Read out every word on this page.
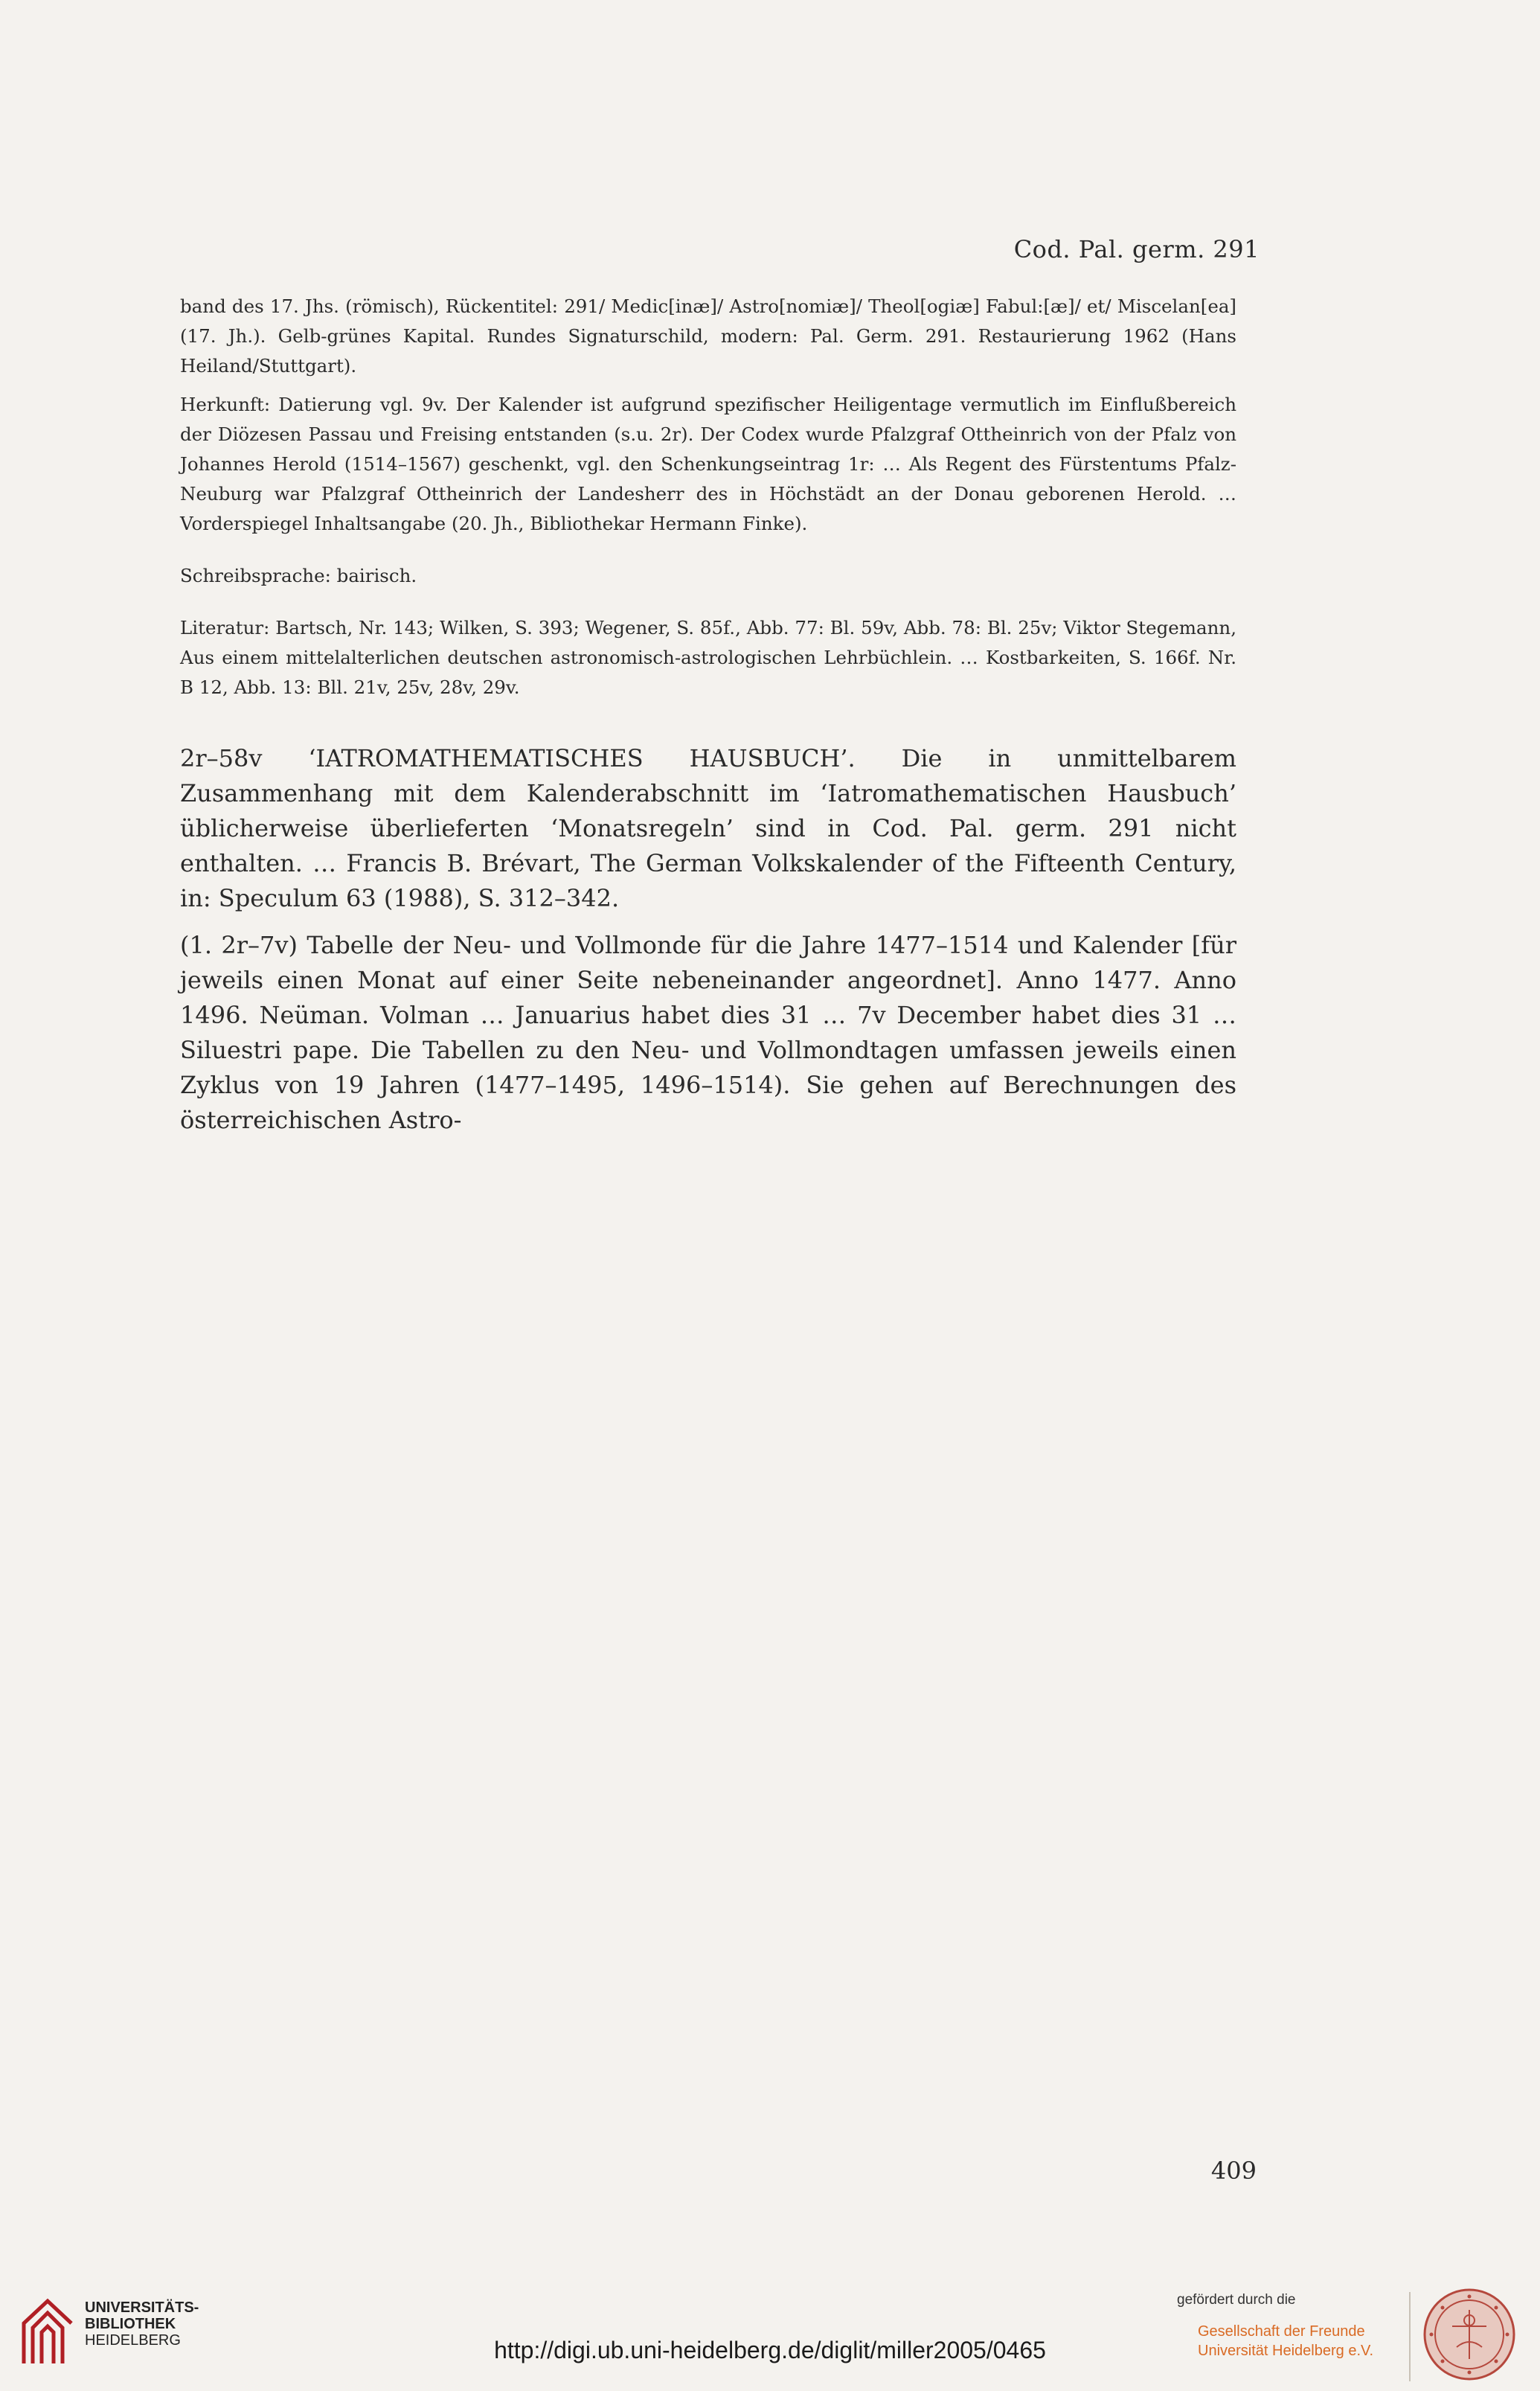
Cod. Pal. germ. 291

band des 17. Jhs. (römisch), Rückentitel: 291/ Medic[inæ]/ Astro[nomiæ]/ Theol[ogiæ] Fabul:[æ]/ et/ Miscelan[ea] (17. Jh.). Gelb-grünes Kapital. Rundes Signaturschild, modern: Pal. Germ. 291. Restaurierung 1962 (Hans Heiland/Stuttgart).

Herkunft: Datierung vgl. 9v. Der Kalender ist aufgrund spezifischer Heiligentage vermutlich im Einflußbereich der Diözesen Passau und Freising entstanden (s.u. 2r). Der Codex wurde Pfalzgraf Ottheinrich von der Pfalz von Johannes Herold (1514–1567) geschenkt, vgl. den Schenkungseintrag 1r: … Als Regent des Fürstentums Pfalz-Neuburg war Pfalzgraf Ottheinrich der Landesherr des in Höchstädt an der Donau geborenen Herold. … Vorderspiegel Inhaltsangabe (20. Jh., Bibliothekar Hermann Finke).

Schreibsprache: bairisch.

Literatur: Bartsch, Nr. 143; Wilken, S. 393; Wegener, S. 85f., Abb. 77: Bl. 59v, Abb. 78: Bl. 25v; Viktor Stegemann, Aus einem mittelalterlichen deutschen astronomisch-astrologischen Lehrbüchlein. … Kostbarkeiten, S. 166f. Nr. B 12, Abb. 13: Bll. 21v, 25v, 28v, 29v.

2r–58v ‘IATROMATHEMATISCHES HAUSBUCH’. Die in unmittelbarem Zusammenhang mit dem Kalenderabschnitt im ‘Iatromathematischen Hausbuch’ üblicherweise überlieferten ‘Monatsregeln’ sind in Cod. Pal. germ. 291 nicht enthalten. … Francis B. Brévart, The German Volkskalender of the Fifteenth Century, in: Speculum 63 (1988), S. 312–342.

(1. 2r–7v) Tabelle der Neu- und Vollmonde für die Jahre 1477–1514 und Kalender [für jeweils einen Monat auf einer Seite nebeneinander angeordnet]. Anno 1477. Anno 1496. Neüman. Volman … Januarius habet dies 31 … 7v December habet dies 31 … Siluestri pape. Die Tabellen zu den Neu- und Vollmondtagen umfassen jeweils einen Zyklus von 19 Jahren (1477–1495, 1496–1514). Sie gehen auf Berechnungen des österreichischen Astro-

409
UNIVERSITÄTS-
BIBLIOTHEK
HEIDELBERG	http://digi.ub.uni-heidelberg.de/diglit/miller2005/0465
gefördert durch die
Gesellschaft der Freunde
Universität Heidelberg e.V.
